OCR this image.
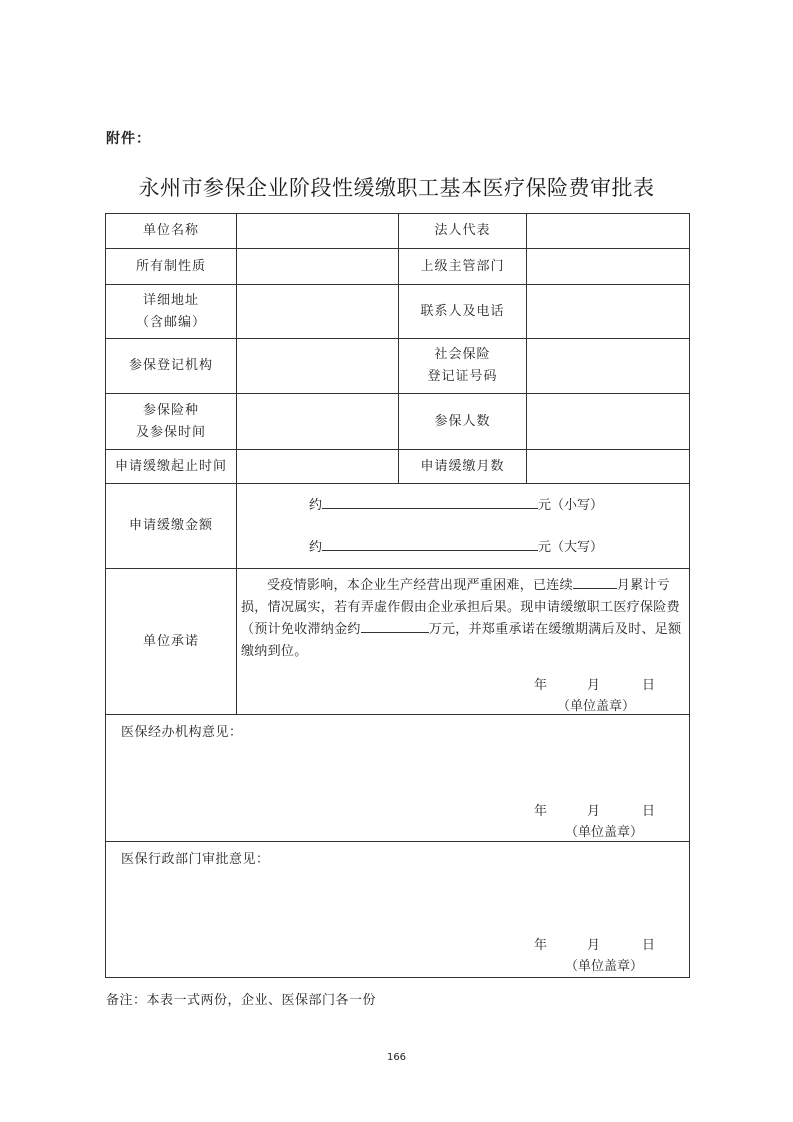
附件：
永州市参保企业阶段性缓缴职工基本医疗保险费审批表
单位名称		法人代表	
所有制性质		上级主管部门	

详细地址
（含邮编）		联系人及电话	
参保登记机构		社会保险
登记证号码	

参保险种
及参保时间		参保人数	
申请缓缴起止时间		申请缓缴月数	
申请缓缴金额	约 元（小写）
约 元（大写）		

单位承诺	受疫情影响，本企业生产经营出现严重困难，已连续 月累计亏损，情况属实，若有弄虚作假由企业承担后果。现申请缓缴职工医疗保险费（预计免收滞纳金约 万元，并郑重承诺在缓缴期满后及时、足额缴纳到位。
年 月 日
（单位盖章）		

医保经办机构意见：
年 月 日
（单位盖章）			

医保行政部门审批意见：
年 月 日
（单位盖章）			
备注：本表一式两份，企业、医保部门各一份
166
